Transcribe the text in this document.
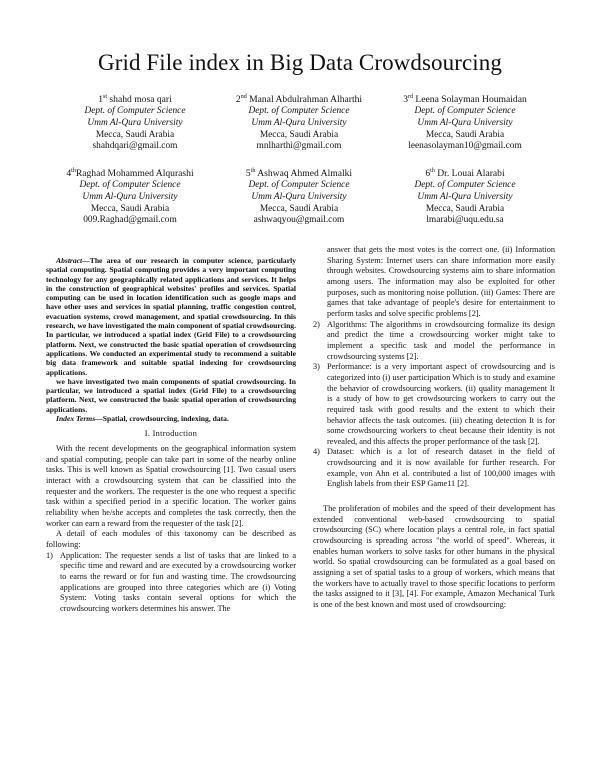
Grid File index in Big Data Crowdsourcing
1st shahd mosa qari
Dept. of Computer Science
Umm Al-Qura University
Mecca, Saudi Arabia
shahdqari@gmail.com
2nd Manal Abdulrahman Alharthi
Dept. of Computer Science
Umm Al-Qura University
Mecca, Saudi Arabia
mnlharthi@gmail.com
3rd Leena Solayman Houmaidan
Dept. of Computer Science
Umm Al-Qura University
Mecca, Saudi Arabia
leenasolayman10@gmail.com
4thRaghad Mohammed Alqurashi
Dept. of Computer Science
Umm Al-Qura University
Mecca, Saudi Arabia
009.Raghad@gmail.com
5th Ashwaq Ahmed Almalki
Dept. of Computer Science
Umm Al-Qura University
Mecca, Saudi Arabia
ashwaqyou@gmail.com
6th Dr. Louai Alarabi
Dept. of Computer Science
Umm Al-Qura University
Mecca, Saudi Arabia
lmarabi@uqu.edu.sa

Abstract—The area of our research in computer science, particularly spatial computing. Spatial computing provides a very important computing technology for any geographically related applications and services. It helps in the construction of geographical websites' profiles and services. Spatial computing can be used in location identification such as google maps and have other uses and services in spatial planning, traffic congestion control, evacuation systems, crowd management, and spatial crowdsourcing. In this research, we have investigated the main component of spatial crowdsourcing. In particular, we introduced a spatial index (Grid File) to a crowdsourcing platform. Next, we constructed the basic spatial operation of crowdsourcing applications. We conducted an experimental study to recommend a suitable big data framework and suitable spatial indexing for crowdsourcing applications.

we have investigated two main components of spatial crowdsourcing. In particular, we introduced a spatial index (Grid File) to a crowdsourcing platform. Next, we constructed the basic spatial operation of crowdsourcing applications.

Index Terms—Spatial, crowdsourcing, indexing, data.

I. Introduction

With the recent developments on the geographical information system and spatial computing, people can take part in some of the nearby online tasks. This is well known as Spatial crowdsourcing [1]. Two casual users interact with a crowdsourcing system that can be classified into the requester and the workers. The requester is the one who request a specific task within a specified period in a specific location. The worker gains reliability when he/she accepts and completes the task correctly, then the worker can earn a reward from the requester of the task [2].

A detail of each modules of this taxonomy can be described as following:

1) Application: The requester sends a list of tasks that are linked to a specific time and reward and are executed by a crowdsourcing worker to earns the reward or for fun and wasting time. The crowdsourcing applications are grouped into three categories which are (i) Voting System: Voting tasks contain several options for which the crowdsourcing workers determines his answer. The
answer that gets the most votes is the correct one. (ii) Information Sharing System: Internet users can share information more easily through websites. Crowdsourcing systems aim to share information among users. The information may also be exploited for other purposes, such as monitoring noise pollution. (iii) Games: There are games that take advantage of people's desire for entertainment to perform tasks and solve specific problems [2].
2) Algorithms: The algorithms in crowdsourcing formalize its design and predict the time a crowdsourcing worker might take to implement a specific task and model the performance in crowdsourcing systems [2].
3) Performance: is a very important aspect of crowdsourcing and is categorized into (i) user participation Which is to study and examine the behavior of crowdsourcing workers. (ii) quality management It is a study of how to get crowdsourcing workers to carry out the required task with good results and the extent to which their behavior affects the task outcomes. (iii) cheating detection It is for some crowdsourcing workers to cheat because their identity is not revealed, and this affects the proper performance of the task [2].
4) Dataset: which is a lot of research dataset in the field of crowdsourcing and it is now available for further research. For example, von Ahn et al. contributed a list of 100,000 images with English labels from their ESP Game11 [2].

The proliferation of mobiles and the speed of their development has extended conventional web-based crowdsourcing to spatial crowdsourcing (SC) where location plays a central role, in fact spatial crowdsourcing is spreading across "the world of speed". Whereas, it enables human workers to solve tasks for other humans in the physical world. So spatial crowdsourcing can be formulated as a goal based on assigning a set of spatial tasks to a group of workers, which means that the workers have to actually travel to those specific locations to perform the tasks assigned to it [3], [4]. For example, Amazon Mechanical Turk is one of the best known and most used of crowdsourcing:
